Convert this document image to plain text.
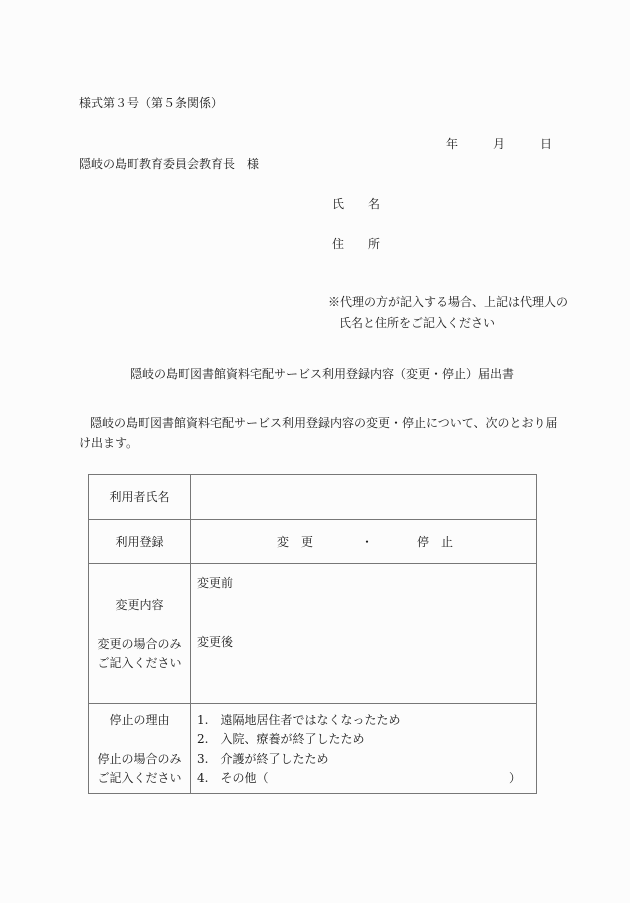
様式第３号（第５条関係）
年	月	日
隠岐の島町教育委員会教育長　様
氏　　名
住　　所
※代理の方が記入する場合、上記は代理人の
氏名と住所をご記入ください
隠岐の島町図書館資料宅配サービス利用登録内容（変更・停止）届出書
隠岐の島町図書館資料宅配サービス利用登録内容の変更・停止について、次のとおり届
け出ます。
利用者氏名	

利用登録	変　更 ・ 停　止

変更内容
変更の場合のみ
ご記入ください	変更前
変更後

停止の理由
停止の場合のみ
ご記入ください	1.　遠隔地居住者ではなくなったため
2.　入院、療養が終了したため
3.　介護が終了したため
4.　その他（ ）
